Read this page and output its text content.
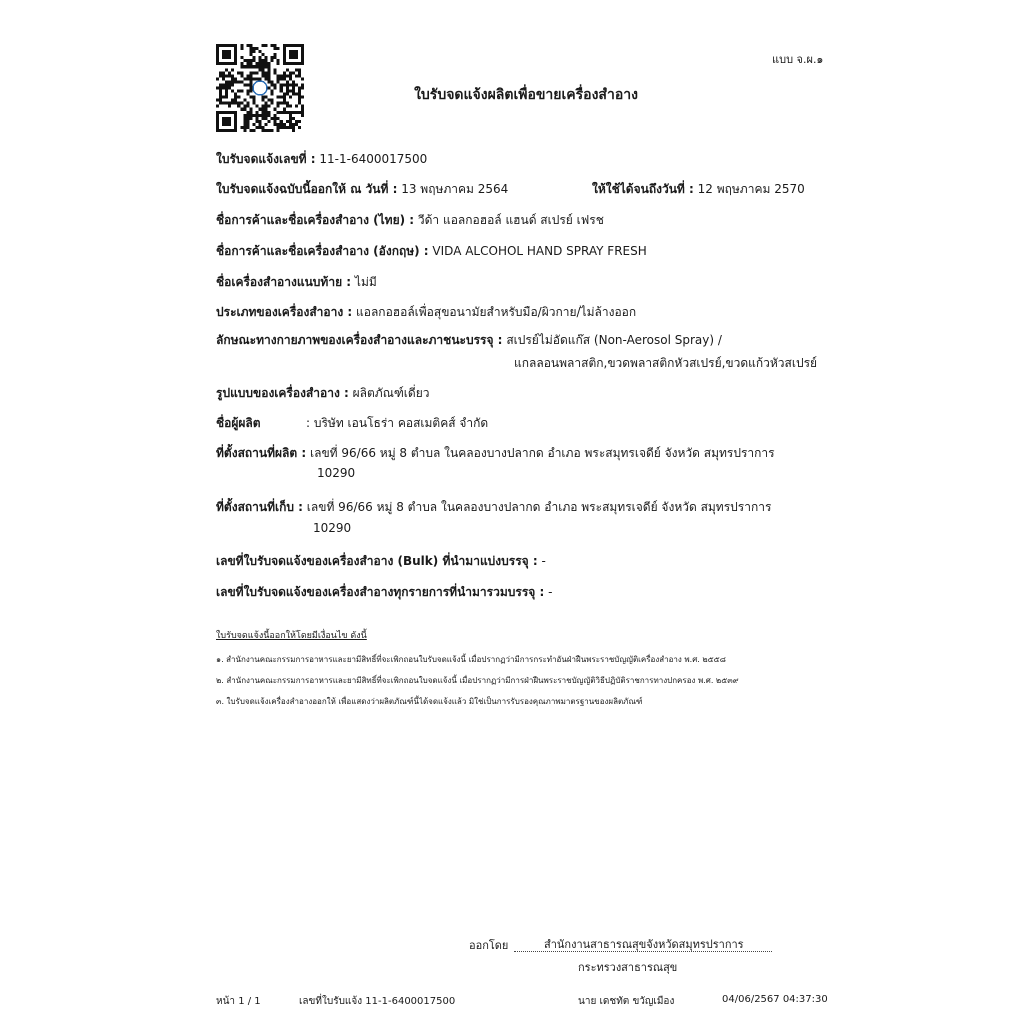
แบบ จ.ผ.๑
ใบรับจดแจ้งผลิตเพื่อขายเครื่องสำอาง
ใบรับจดแจ้งเลขที่ : 11-1-6400017500
ใบรับจดแจ้งฉบับนี้ออกให้ ณ วันที่ : 13 พฤษภาคม 2564	ให้ใช้ได้จนถึงวันที่ : 12 พฤษภาคม 2570
ชื่อการค้าและชื่อเครื่องสำอาง (ไทย) : วีด้า แอลกอฮอล์ แฮนด์ สเปรย์ เฟรช
ชื่อการค้าและชื่อเครื่องสำอาง (อังกฤษ) : VIDA ALCOHOL HAND SPRAY FRESH
ชื่อเครื่องสำอางแนบท้าย : ไม่มี
ประเภทของเครื่องสำอาง : แอลกอฮอล์เพื่อสุขอนามัยสำหรับมือ/ผิวกาย/ไม่ล้างออก
ลักษณะทางกายภาพของเครื่องสำอางและภาชนะบรรจุ : สเปรย์ไม่อัดแก๊ส (Non-Aerosol Spray) /
แกลลอนพลาสติก,ขวดพลาสติกหัวสเปรย์,ขวดแก้วหัวสเปรย์
รูปแบบของเครื่องสำอาง : ผลิตภัณฑ์เดี่ยว
ชื่อผู้ผลิต	: บริษัท เอนโธร่า คอสเมติคส์ จำกัด
ที่ตั้งสถานที่ผลิต : เลขที่ 96/66 หมู่ 8 ตำบล ในคลองบางปลากด อำเภอ พระสมุทรเจดีย์ จังหวัด สมุทรปราการ
10290
ที่ตั้งสถานที่เก็บ : เลขที่ 96/66 หมู่ 8 ตำบล ในคลองบางปลากด อำเภอ พระสมุทรเจดีย์ จังหวัด สมุทรปราการ
10290
เลขที่ใบรับจดแจ้งของเครื่องสำอาง (Bulk) ที่นำมาแบ่งบรรจุ : -
เลขที่ใบรับจดแจ้งของเครื่องสำอางทุกรายการที่นำมารวมบรรจุ : -
ใบรับจดแจ้งนี้ออกให้โดยมีเงื่อนไข ดังนี้
๑. สำนักงานคณะกรรมการอาหารและยามีสิทธิ์ที่จะเพิกถอนใบรับจดแจ้งนี้ เมื่อปรากฏว่ามีการกระทำอันฝ่าฝืนพระราชบัญญัติเครื่องสำอาง พ.ศ. ๒๕๕๘
๒. สำนักงานคณะกรรมการอาหารและยามีสิทธิ์ที่จะเพิกถอนใบจดแจ้งนี้ เมื่อปรากฏว่ามีการฝ่าฝืนพระราชบัญญัติวิธีปฏิบัติราชการทางปกครอง พ.ศ. ๒๕๓๙
๓. ใบรับจดแจ้งเครื่องสำอางออกให้ เพื่อแสดงว่าผลิตภัณฑ์นี้ได้จดแจ้งแล้ว มิใช่เป็นการรับรองคุณภาพมาตรฐานของผลิตภัณฑ์
ออกโดย	สำนักงานสาธารณสุขจังหวัดสมุทรปราการ
กระทรวงสาธารณสุข
หน้า 1 / 1	เลขที่ใบรับแจ้ง 11-1-6400017500	นาย เดชทัต ขวัญเมือง	04/06/2567 04:37:30
